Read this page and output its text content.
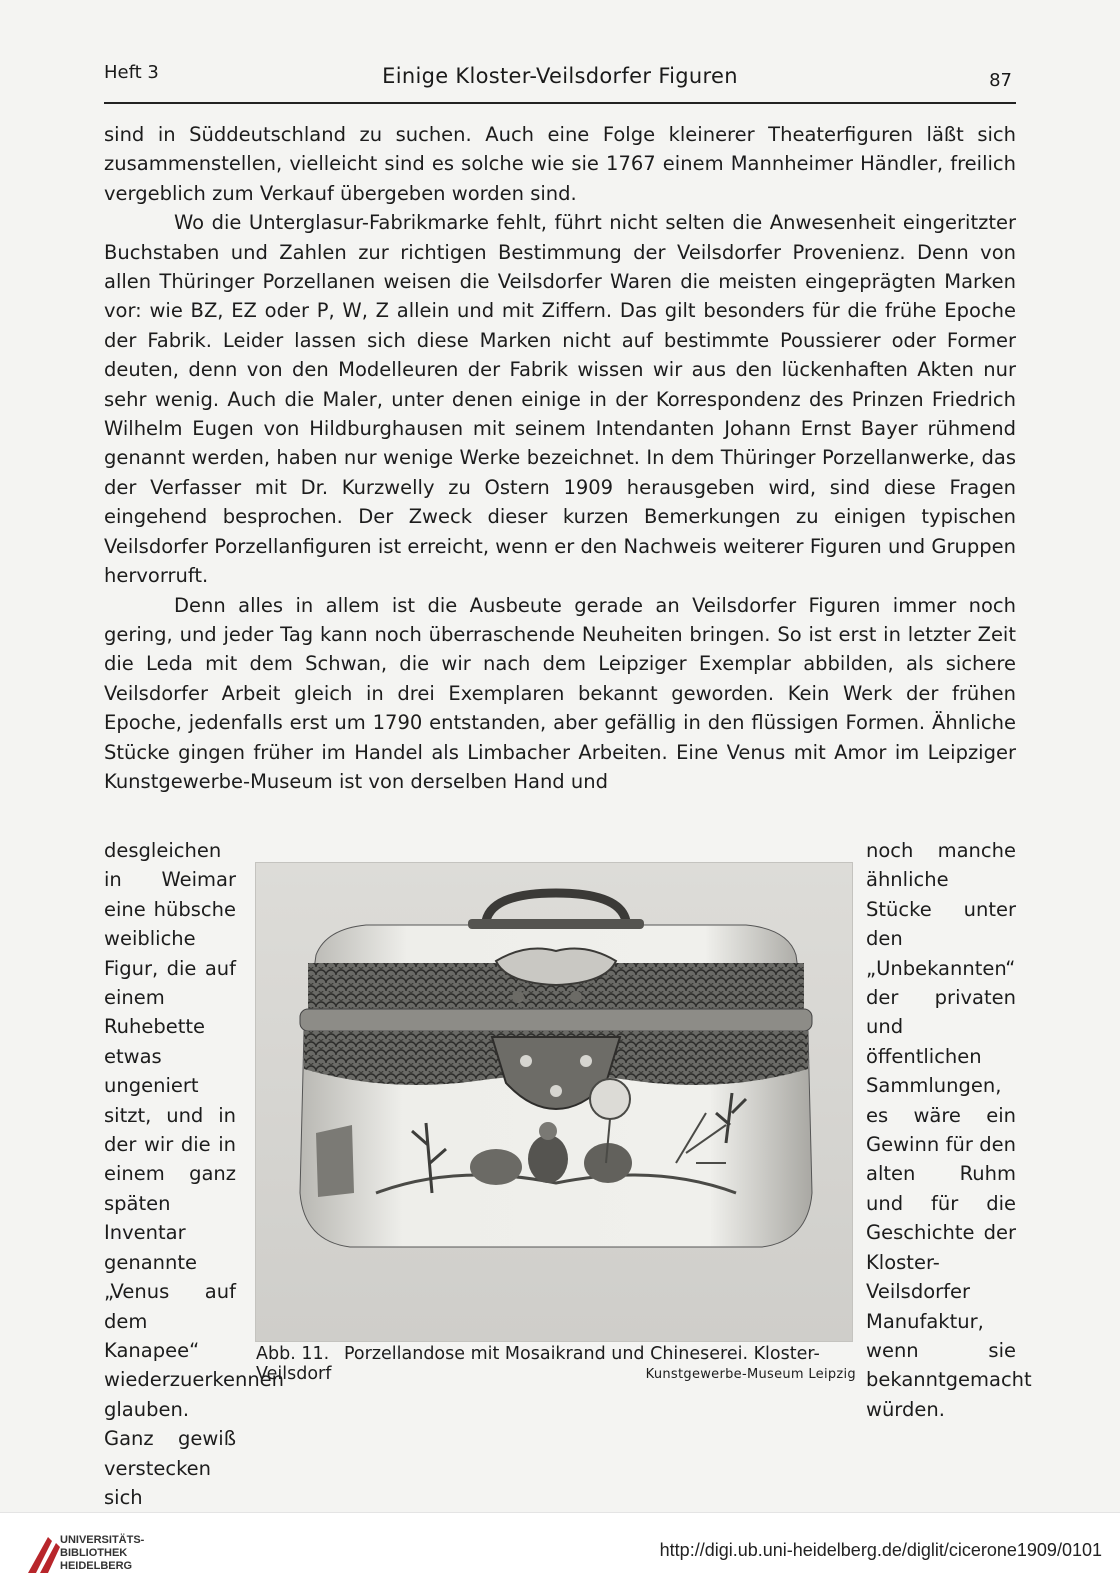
Heft 3	Einige Kloster-Veilsdorfer Figuren	87

sind in Süddeutschland zu suchen. Auch eine Folge kleinerer Theaterfiguren läßt sich zusammenstellen, vielleicht sind es solche wie sie 1767 einem Mannheimer Händler, freilich vergeblich zum Verkauf übergeben worden sind.

Wo die Unterglasur-Fabrikmarke fehlt, führt nicht selten die Anwesenheit eingeritzter Buchstaben und Zahlen zur richtigen Bestimmung der Veilsdorfer Provenienz. Denn von allen Thüringer Porzellanen weisen die Veilsdorfer Waren die meisten eingeprägten Marken vor: wie BZ, EZ oder P, W, Z allein und mit Ziffern. Das gilt besonders für die frühe Epoche der Fabrik. Leider lassen sich diese Marken nicht auf bestimmte Poussierer oder Former deuten, denn von den Modelleuren der Fabrik wissen wir aus den lückenhaften Akten nur sehr wenig. Auch die Maler, unter denen einige in der Korrespondenz des Prinzen Friedrich Wilhelm Eugen von Hildburghausen mit seinem Intendanten Johann Ernst Bayer rühmend genannt werden, haben nur wenige Werke bezeichnet. In dem Thüringer Porzellanwerke, das der Verfasser mit Dr. Kurzwelly zu Ostern 1909 herausgeben wird, sind diese Fragen eingehend besprochen. Der Zweck dieser kurzen Bemerkungen zu einigen typischen Veilsdorfer Porzellanfiguren ist erreicht, wenn er den Nachweis weiterer Figuren und Gruppen hervorruft.

Denn alles in allem ist die Ausbeute gerade an Veilsdorfer Figuren immer noch gering, und jeder Tag kann noch überraschende Neuheiten bringen. So ist erst in letzter Zeit die Leda mit dem Schwan, die wir nach dem Leipziger Exemplar abbilden, als sichere Veilsdorfer Arbeit gleich in drei Exemplaren bekannt geworden. Kein Werk der frühen Epoche, jedenfalls erst um 1790 entstanden, aber gefällig in den flüssigen Formen. Ähnliche Stücke gingen früher im Handel als Limbacher Arbeiten. Eine Venus mit Amor im Leipziger Kunstgewerbe-Museum ist von derselben Hand und

desgleichen in Weimar eine hübsche weibliche Figur, die auf einem Ruhebette etwas ungeniert sitzt, und in der wir die in einem ganz späten Inventar genannte „Venus auf dem Kanapee“ wiederzuerkennen glauben. Ganz gewiß verstecken sich

noch manche ähnliche Stücke unter den „Unbekannten“ der privaten und öffentlichen Sammlungen, es wäre ein Gewinn für den alten Ruhm und für die Geschichte der Kloster-Veilsdorfer Manufaktur, wenn sie bekanntgemacht würden.

Abb. 11. Porzellandose mit Mosaikrand und Chineserei. Kloster-Veilsdorf	Kunstgewerbe-Museum Leipzig
UNIVERSITÄTS-
BIBLIOTHEK
HEIDELBERG
http://digi.ub.uni-heidelberg.de/diglit/cicerone1909/0101
